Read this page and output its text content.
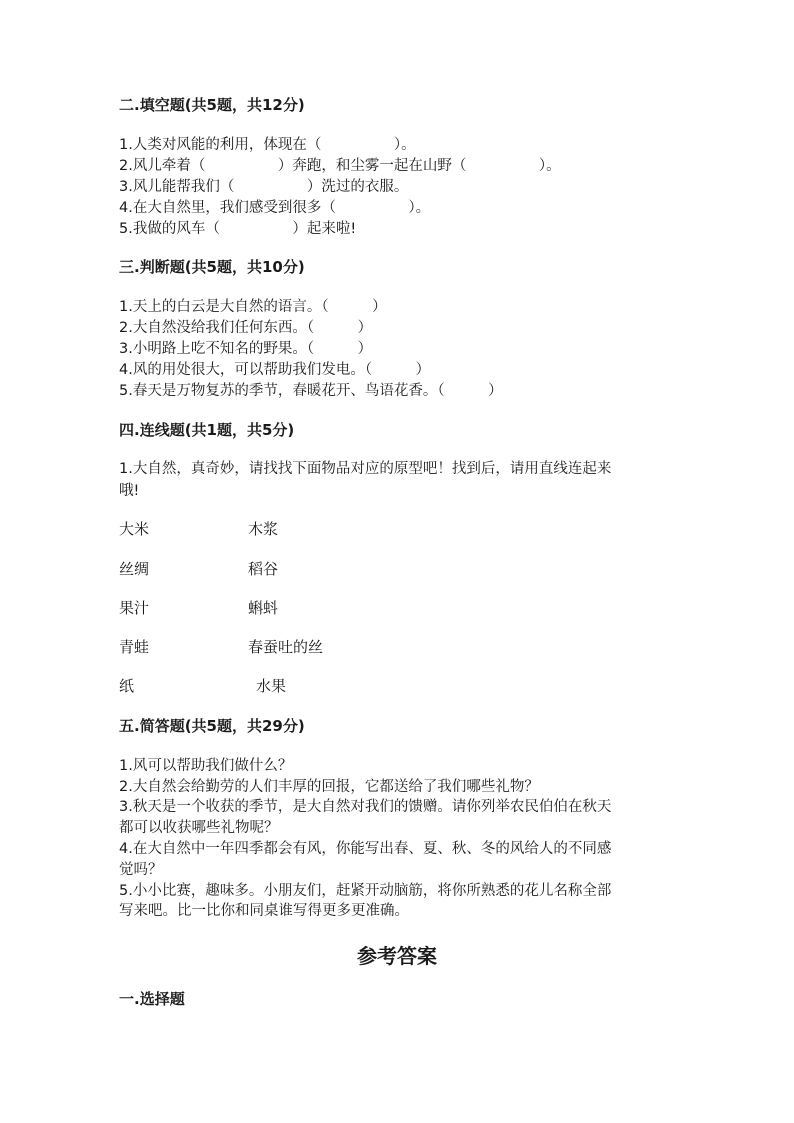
二.填空题(共5题，共12分)
1.人类对风能的利用，体现在（　　　　　）。
2.风儿牵着（　　　　　）奔跑，和尘雾一起在山野（　　　　　）。
3.风儿能帮我们（　　　　　）洗过的衣服。
4.在大自然里，我们感受到很多（　　　　　）。
5.我做的风车（　　　　　）起来啦!
三.判断题(共5题，共10分)
1.天上的白云是大自然的语言。（　　　）
2.大自然没给我们任何东西。（　　　）
3.小明路上吃不知名的野果。（　　　）
4.风的用处很大，可以帮助我们发电。（　　　）
5.春天是万物复苏的季节，春暖花开、鸟语花香。（　　　）
四.连线题(共1题，共5分)
1.大自然，真奇妙，请找找下面物品对应的原型吧！找到后，请用直线连起来
哦!
大米	木浆
丝绸	稻谷
果汁	蝌蚪
青蛙	春蚕吐的丝
纸	水果
五.简答题(共5题，共29分)
1.风可以帮助我们做什么？
2.大自然会给勤劳的人们丰厚的回报，它都送给了我们哪些礼物？
3.秋天是一个收获的季节，是大自然对我们的馈赠。请你列举农民伯伯在秋天
都可以收获哪些礼物呢？
4.在大自然中一年四季都会有风，你能写出春、夏、秋、冬的风给人的不同感
觉吗？
5.小小比赛，趣味多。小朋友们，赶紧开动脑筋，将你所熟悉的花儿名称全部
写来吧。比一比你和同桌谁写得更多更准确。
参考答案
一.选择题
